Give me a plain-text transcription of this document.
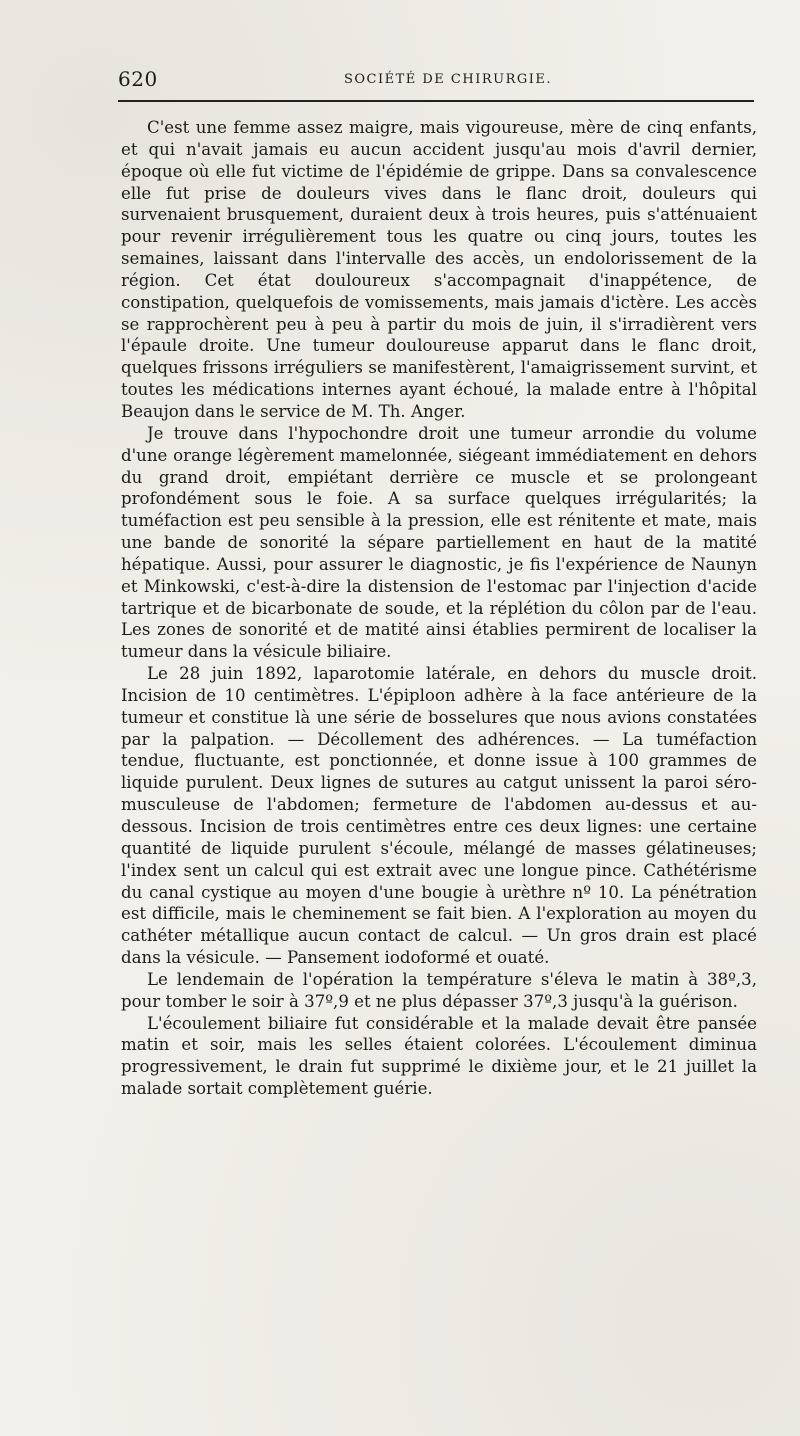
620	SOCIÉTÉ DE CHIRURGIE.

C'est une femme assez maigre, mais vigoureuse, mère de cinq enfants, et qui n'avait jamais eu aucun accident jusqu'au mois d'avril dernier, époque où elle fut victime de l'épidémie de grippe. Dans sa convalescence elle fut prise de douleurs vives dans le flanc droit, douleurs qui survenaient brusquement, duraient deux à trois heures, puis s'atténuaient pour revenir irrégulièrement tous les quatre ou cinq jours, toutes les semaines, laissant dans l'intervalle des accès, un endolorissement de la région. Cet état douloureux s'accompagnait d'inappétence, de constipation, quelquefois de vomissements, mais jamais d'ictère. Les accès se rapprochèrent peu à peu à partir du mois de juin, il s'irradièrent vers l'épaule droite. Une tumeur douloureuse apparut dans le flanc droit, quelques frissons irréguliers se manifestèrent, l'amaigrissement survint, et toutes les médications internes ayant échoué, la malade entre à l'hôpital Beaujon dans le service de M. Th. Anger.

Je trouve dans l'hypochondre droit une tumeur arrondie du volume d'une orange légèrement mamelonnée, siégeant immédiatement en dehors du grand droit, empiétant derrière ce muscle et se prolongeant profondément sous le foie. A sa surface quelques irrégularités; la tuméfaction est peu sensible à la pression, elle est rénitente et mate, mais une bande de sonorité la sépare partiellement en haut de la matité hépatique. Aussi, pour assurer le diagnostic, je fis l'expérience de Naunyn et Minkowski, c'est-à-dire la distension de l'estomac par l'injection d'acide tartrique et de bicarbonate de soude, et la réplétion du côlon par de l'eau. Les zones de sonorité et de matité ainsi établies permirent de localiser la tumeur dans la vésicule biliaire.

Le 28 juin 1892, laparotomie latérale, en dehors du muscle droit. Incision de 10 centimètres. L'épiploon adhère à la face antérieure de la tumeur et constitue là une série de bosselures que nous avions constatées par la palpation. — Décollement des adhérences. — La tuméfaction tendue, fluctuante, est ponctionnée, et donne issue à 100 grammes de liquide purulent. Deux lignes de sutures au catgut unissent la paroi séro-musculeuse de l'abdomen; fermeture de l'abdomen au-dessus et au-dessous. Incision de trois centimètres entre ces deux lignes: une certaine quantité de liquide purulent s'écoule, mélangé de masses gélatineuses; l'index sent un calcul qui est extrait avec une longue pince. Cathétérisme du canal cystique au moyen d'une bougie à urèthre nº 10. La pénétration est difficile, mais le cheminement se fait bien. A l'exploration au moyen du cathéter métallique aucun contact de calcul. — Un gros drain est placé dans la vésicule. — Pansement iodoformé et ouaté.

Le lendemain de l'opération la température s'éleva le matin à 38º,3, pour tomber le soir à 37º,9 et ne plus dépasser 37º,3 jusqu'à la guérison.

L'écoulement biliaire fut considérable et la malade devait être pansée matin et soir, mais les selles étaient colorées. L'écoulement diminua progressivement, le drain fut supprimé le dixième jour, et le 21 juillet la malade sortait complètement guérie.
